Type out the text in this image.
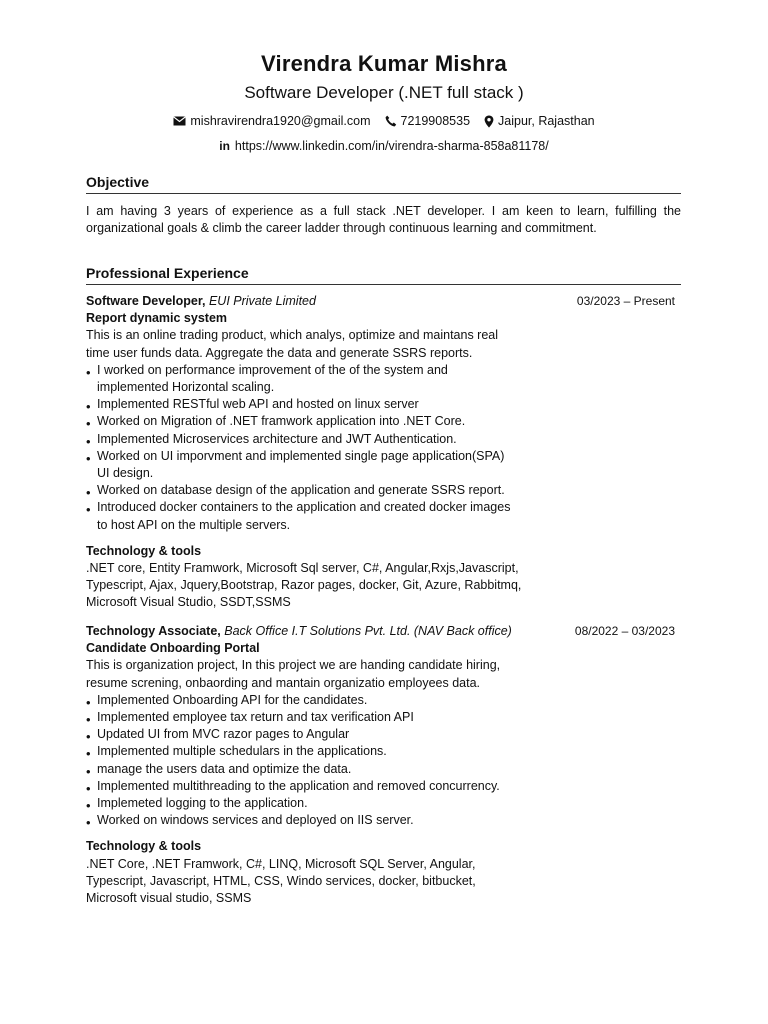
Virendra Kumar Mishra
Software Developer (.NET full stack )
mishravirendra1920@gmail.com 7219908535 Jaipur, Rajasthan
in https://www.linkedin.com/in/virendra-sharma-858a81178/
Objective
I am having 3 years of experience as a full stack .NET developer. I am keen to learn, fulfilling the organizational goals & climb the career ladder through continuous learning and commitment.
Professional Experience
Software Developer, EUI Private Limited	03/2023 – Present
Report dynamic system
This is an online trading product, which analys, optimize and maintans real time user funds data. Aggregate the data and generate SSRS reports.
• I worked on performance improvement of the of the system and implemented Horizontal scaling.
• Implemented RESTful web API and hosted on linux server
• Worked on Migration of .NET framwork application into .NET Core.
• Implemented Microservices architecture and JWT Authentication.
• Worked on UI imporvment and implemented single page application(SPA) UI design.
• Worked on database design of the application and generate SSRS report.
• Introduced docker containers to the application and created docker images to host API on the multiple servers.
Technology & tools
.NET core, Entity Framwork, Microsoft Sql server, C#, Angular,Rxjs,Javascript, Typescript, Ajax, Jquery,Bootstrap, Razor pages, docker, Git, Azure, Rabbitmq, Microsoft Visual Studio, SSDT,SSMS
Technology Associate, Back Office I.T Solutions Pvt. Ltd. (NAV Back office)	08/2022 – 03/2023
Candidate Onboarding Portal
This is organization project, In this project we are handing candidate hiring, resume screning, onbaording and mantain organizatio employees data.
• Implemented Onboarding API for the candidates.
• Implemented employee tax return and tax verification API
• Updated UI from MVC razor pages to Angular
• Implemented multiple schedulars in the applications.
• manage the users data and optimize the data.
• Implemented multithreading to the application and removed concurrency.
• Implemeted logging to the application.
• Worked on windows services and deployed on IIS server.
Technology & tools
.NET Core, .NET Framwork, C#, LINQ, Microsoft SQL Server, Angular, Typescript, Javascript, HTML, CSS, Windo services, docker, bitbucket, Microsoft visual studio, SSMS
